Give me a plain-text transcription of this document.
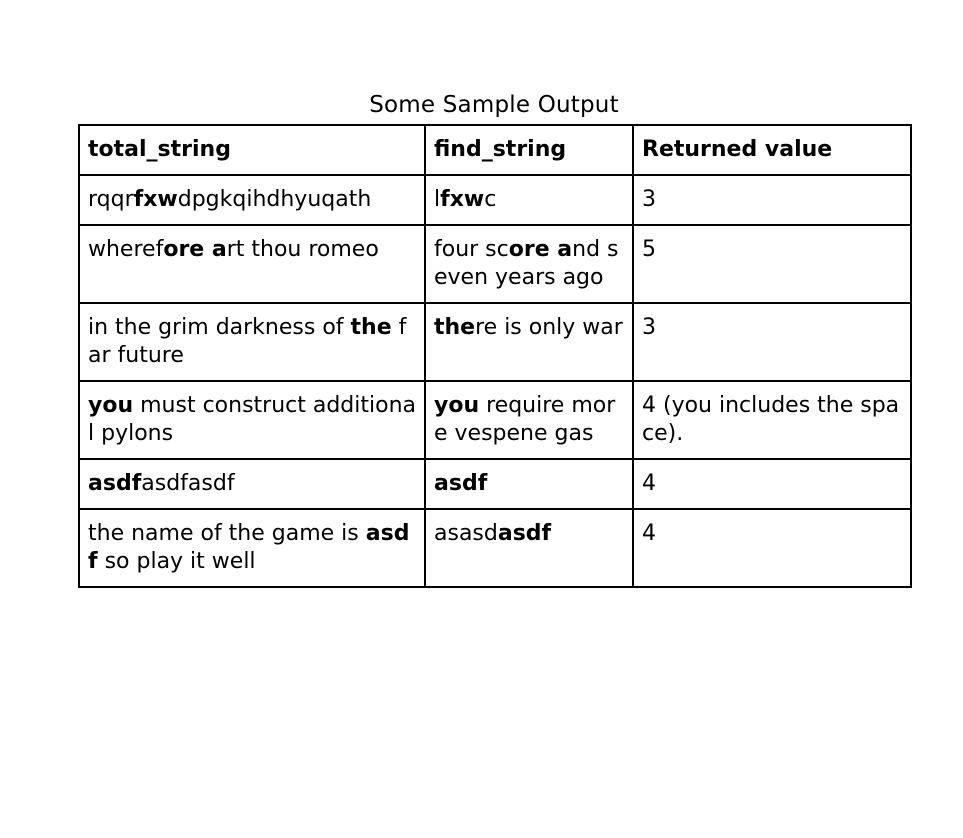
Some Sample Output
total_string	find_string	Returned value
rqqrfxwdpgkqihdhyuqath	lfxwc	3
wherefore art thou romeo	four score and seven years ago	5
in the grim darkness of the far future	there is only war	3
you must construct additional pylons	you require more vespene gas	4 (you includes the space).
asdfasdfasdf	asdf	4
the name of the game is asdf so play it well	asasdasdf	4
